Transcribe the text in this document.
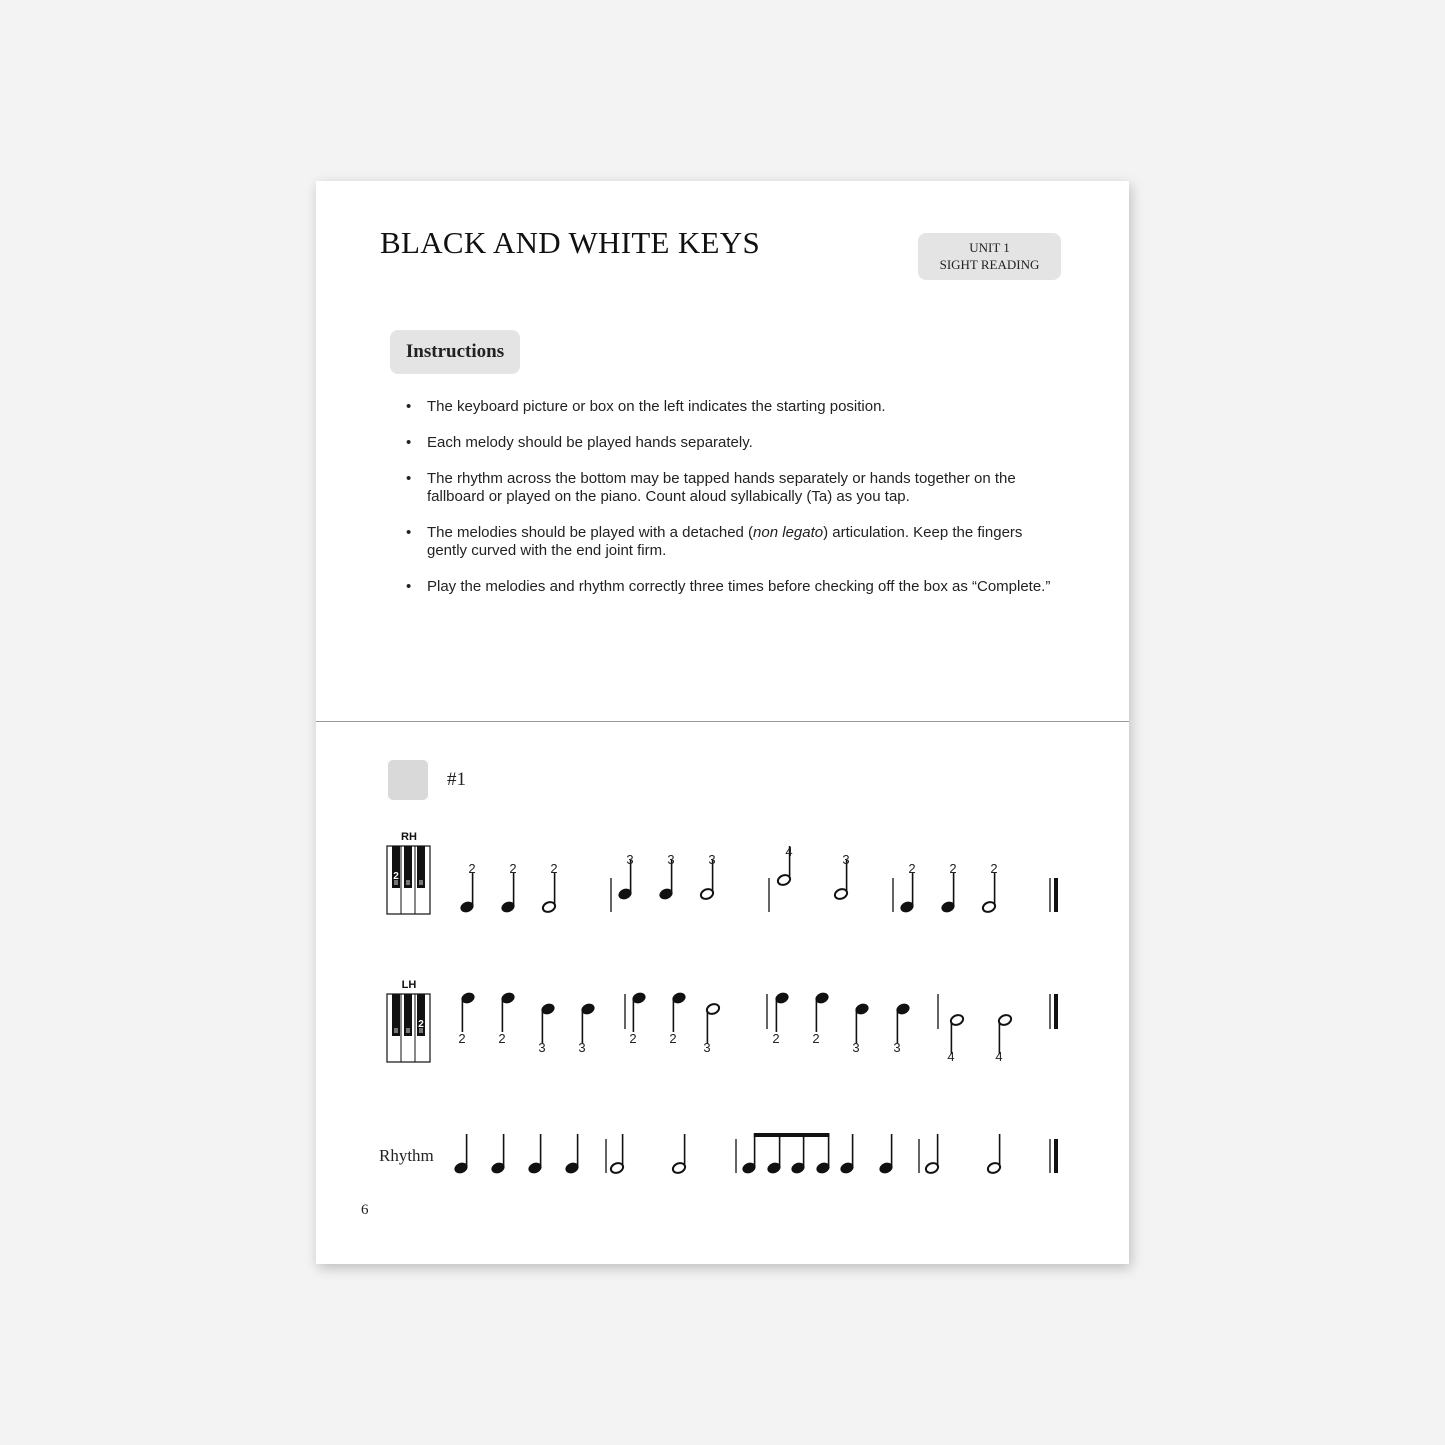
BLACK AND WHITE KEYS	UNIT 1
SIGHT READING
Instructions
• The keyboard picture or box on the left indicates the starting position.
• Each melody should be played hands separately.
• The rhythm across the bottom may be tapped hands separately or hands together on the fallboard or played on the piano. Count aloud syllabically (Ta) as you tap.
• The melodies should be played with a detached (non legato) articulation. Keep the fingers gently curved with the end joint firm.
• Play the melodies and rhythm correctly three times before checking off the box as “Complete.”
#1
RH
2
2	2	2
3	3	3
4
3
2	2	2
LH
2
2	2
3	3
2	2
3
2	2
3	3
4	4
Rhythm
6
